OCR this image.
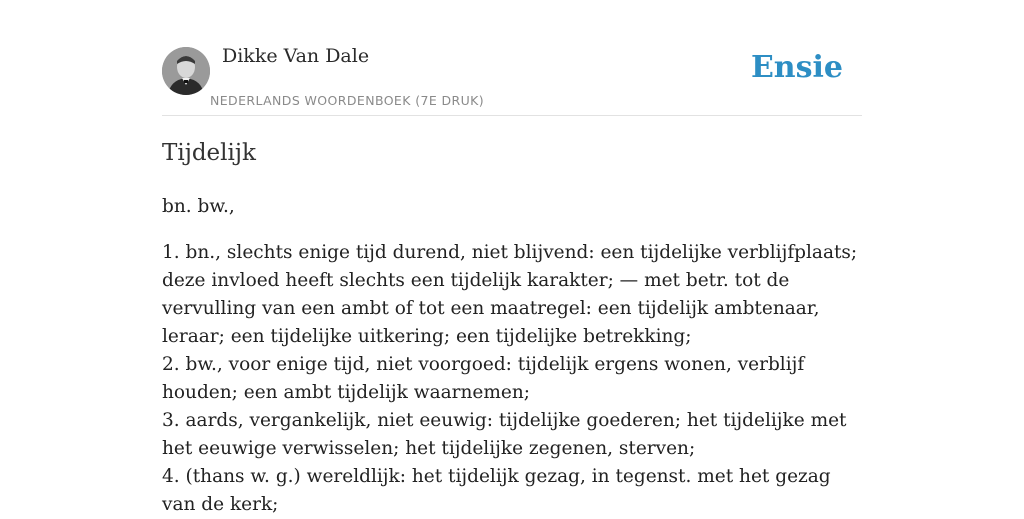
Dikke Van Dale
NEDERLANDS WOORDENBOEK (7E DRUK)
Ensie
Tijdelijk

bn. bw.,

1. bn., slechts enige tijd durend, niet blijvend: een tijdelijke verblijfplaats; deze invloed heeft slechts een tijdelijk karakter; — met betr. tot de vervulling van een ambt of tot een maatregel: een tijdelijk ambtenaar, leraar; een tijdelijke uitkering; een tijdelijke betrekking;
2. bw., voor enige tijd, niet voorgoed: tijdelijk ergens wonen, verblijf houden; een ambt tijdelijk waarnemen;
3. aards, vergankelijk, niet eeuwig: tijdelijke goederen; het tijdelijke met het eeuwige verwisselen; het tijdelijke zegenen, sterven;
4. (thans w. g.) wereldlijk: het tijdelijk gezag, in tegenst. met het gezag van de kerk;
